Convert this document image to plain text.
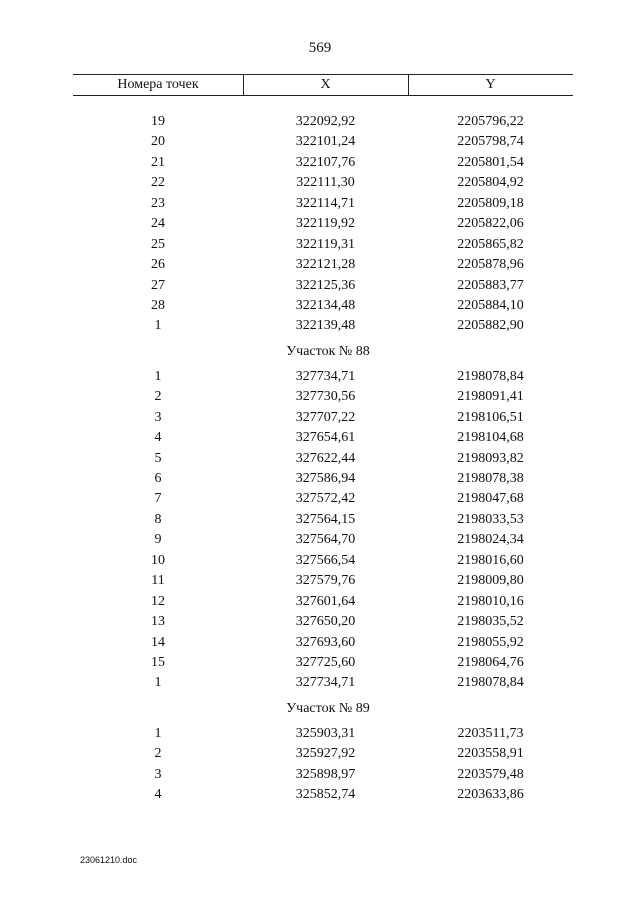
569
Номера точек	X	Y
19	322092,92	2205796,22
20	322101,24	2205798,74
21	322107,76	2205801,54
22	322111,30	2205804,92
23	322114,71	2205809,18
24	322119,92	2205822,06
25	322119,31	2205865,82
26	322121,28	2205878,96
27	322125,36	2205883,77
28	322134,48	2205884,10
1	322139,48	2205882,90
Участок № 88
1	327734,71	2198078,84
2	327730,56	2198091,41
3	327707,22	2198106,51
4	327654,61	2198104,68
5	327622,44	2198093,82
6	327586,94	2198078,38
7	327572,42	2198047,68
8	327564,15	2198033,53
9	327564,70	2198024,34
10	327566,54	2198016,60
11	327579,76	2198009,80
12	327601,64	2198010,16
13	327650,20	2198035,52
14	327693,60	2198055,92
15	327725,60	2198064,76
1	327734,71	2198078,84
Участок № 89
1	325903,31	2203511,73
2	325927,92	2203558,91
3	325898,97	2203579,48
4	325852,74	2203633,86
23061210.doc
